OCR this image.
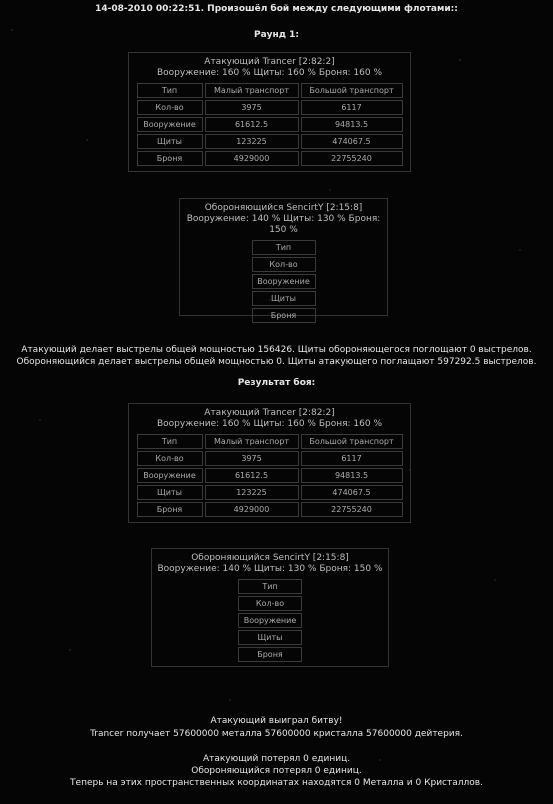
14-08-2010 00:22:51. Произошёл бой между следующими флотами::
Раунд 1:
Атакующий Trancer [2:82:2]
Вооружение: 160 % Щиты: 160 % Броня: 160 %
Тип	Малый транспорт	Большой транспорт
Кол-во	3975	6117
Вооружение	61612.5	94813.5
Щиты	123225	474067.5
Броня	4929000	22755240
Обороняющийся SencirtY [2:15:8]
Вооружение: 140 % Щиты: 130 % Броня: 150 %
Тип
Кол-во
Вооружение
Щиты
Броня
Атакующий делает выстрелы общей мощностью 156426. Щиты обороняющегося поглощают 0 выстрелов.
Обороняющийся делает выстрелы общей мощностью 0. Щиты атакующего поглащают 597292.5 выстрелов.
Результат боя:
Атакующий Trancer [2:82:2]
Вооружение: 160 % Щиты: 160 % Броня: 160 %
Тип	Малый транспорт	Большой транспорт
Кол-во	3975	6117
Вооружение	61612.5	94813.5
Щиты	123225	474067.5
Броня	4929000	22755240
Обороняющийся SencirtY [2:15:8]
Вооружение: 140 % Щиты: 130 % Броня: 150 %
Тип
Кол-во
Вооружение
Щиты
Броня
Атакующий выиграл битву!
Trancer получает 57600000 металла 57600000 кристалла 57600000 дейтерия.
Атакующий потерял 0 единиц.
Обороняющийся потерял 0 единиц.
Теперь на этих пространственных координатах находятся 0 Металла и 0 Кристаллов.
